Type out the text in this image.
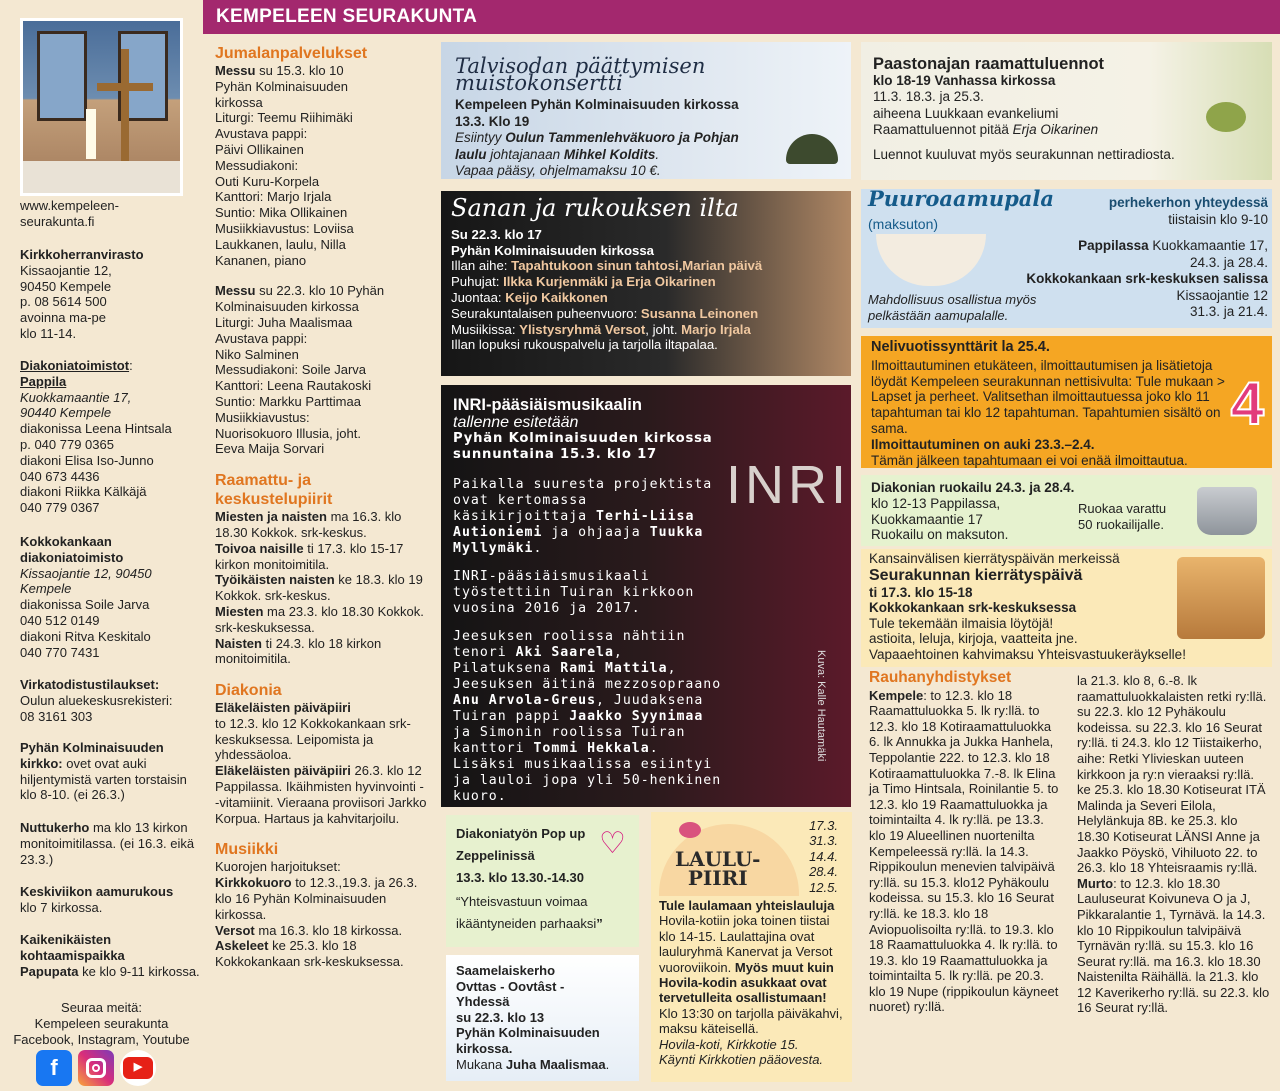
KEMPELEEN SEURAKUNTA
www.kempeleen-
seurakunta.fi
Kirkkoherranvirasto
Kissaojantie 12,
90450 Kempele
p. 08 5614 500
avoinna ma-pe
klo 11-14.
Diakoniatoimistot:
Pappila
Kuokkamaantie 17,
90440 Kempele
diakonissa Leena Hintsala
p. 040 779 0365
diakoni Elisa Iso-Junno
040 673 4436
diakoni Riikka Kälkäjä
040 779 0367
Kokkokankaan
diakoniatoimisto
Kissaojantie 12, 90450
Kempele
diakonissa Soile Jarva
040 512 0149
diakoni Ritva Keskitalo
040 770 7431
Virkatodistustilaukset:
Oulun aluekeskusrekisteri:
08 3161 303
Pyhän Kolminaisuuden
kirkko: ovet ovat auki hiljentymistä varten torstaisin klo 8-10. (ei 26.3.)
Nuttukerho ma klo 13 kirkon monitoimitilassa. (ei 16.3. eikä 23.3.)
Keskiviikon aamurukous
klo 7 kirkossa.
Kaikenikäisten
kohtaamispaikka
Papupata ke klo 9-11 kirkossa.
Seuraa meitä:
Kempeleen seurakunta
Facebook, Instagram, Youtube
f	▶
Jumalanpalvelukset

Messu su 15.3. klo 10
Pyhän Kolminaisuuden
kirkossa
Liturgi: Teemu Riihimäki
Avustava pappi:
Päivi Ollikainen
Messudiakoni:
Outi Kuru-Korpela
Kanttori: Marjo Irjala
Suntio: Mika Ollikainen
Musiikkiavustus: Loviisa
Laukkanen, laulu, Nilla
Kananen, piano

Messu su 22.3. klo 10 Pyhän
Kolminaisuuden kirkossa
Liturgi: Juha Maalismaa
Avustava pappi:
Niko Salminen
Messudiakoni: Soile Jarva
Kanttori: Leena Rautakoski
Suntio: Markku Parttimaa
Musiikkiavustus:
Nuorisokuoro Illusia, joht.
Eeva Maija Sorvari

Raamattu- ja
keskustelupiirit

Miesten ja naisten ma 16.3. klo 18.30 Kokkok. srk-keskus.

Toivoa naisille ti 17.3. klo 15-17 kirkon monitoimitila.

Työikäisten naisten ke 18.3. klo 19 Kokkok. srk-keskus.

Miesten ma 23.3. klo 18.30 Kokkok. srk-keskuksessa.

Naisten ti 24.3. klo 18 kirkon monitoimitila.

Diakonia

Eläkeläisten päiväpiiri
to 12.3. klo 12 Kokkokankaan srk-keskuksessa. Leipomista ja yhdessäoloa.

Eläkeläisten päiväpiiri 26.3. klo 12 Pappilassa. Ikäihmisten hyvinvointi - -vitamiinit. Vieraana proviisori Jarkko Korpua. Hartaus ja kahvitarjoilu.

Musiikki

Kuorojen harjoitukset:

Kirkkokuoro to 12.3.,19.3. ja 26.3. klo 16 Pyhän Kolminaisuuden kirkossa.

Versot ma 16.3. klo 18 kirkossa.

Askeleet ke 25.3. klo 18 Kokkokankaan srk-keskuksessa.

Talvisodan päättymisen muistokonsertti
Kempeleen Pyhän Kolminaisuuden kirkossa
13.3. Klo 19
Esiintyy Oulun Tammenlehväkuoro ja Pohjan laulu johtajanaan Mihkel Koldits.
Vapaa pääsy, ohjelmamaksu 10 €.
Paastonajan raamattuluennot
klo 18-19 Vanhassa kirkossa
11.3. 18.3. ja 25.3.
aiheena Luukkaan evankeliumi
Raamattuluennot pitää Erja Oikarinen
Luennot kuuluvat myös seurakunnan nettiradiosta.
Sanan ja rukouksen ilta
Su 22.3. klo 17
Pyhän Kolminaisuuden kirkossa
Illan aihe: Tapahtukoon sinun tahtosi,Marian päivä
Puhujat: Ilkka Kurjenmäki ja Erja Oikarinen
Juontaa: Keijo Kaikkonen
Seurakuntalaisen puheenvuoro: Susanna Leinonen
Musiikissa: Ylistysryhmä Versot, joht. Marjo Irjala
Illan lopuksi rukouspalvelu ja tarjolla iltapalaa.
INRI-pääsiäismusikaalin
tallenne esitetään
Pyhän Kolminaisuuden kirkossa
sunnuntaina 15.3. klo 17
INRI
Paikalla suuresta projektista ovat kertomassa käsikirjoittaja Terhi-Liisa Autioniemi ja ohjaaja Tuukka Myllymäki.
INRI-pääsiäismusikaali työstettiin Tuiran kirkkoon vuosina 2016 ja 2017.
Jeesuksen roolissa nähtiin tenori Aki Saarela, Pilatuksena Rami Mattila, Jeesuksen äitinä mezzosopraano Anu Arvola-Greus, Juudaksena Tuiran pappi Jaakko Syynimaa ja Simonin roolissa Tuiran kanttori Tommi Hekkala. Lisäksi musikaalissa esiintyi ja lauloi jopa yli 50-henkinen kuoro.
Kuva: Kalle Hautamäki
Puuroaamupala
(maksuton)
perhekerhon yhteydessä
tiistaisin klo 9-10
Pappilassa Kuokkamaantie 17,
24.3. ja 28.4.
Kokkokankaan srk-keskuksen salissa
Kissaojantie 12
31.3. ja 21.4.
Mahdollisuus osallistua myös
pelkästään aamupalalle.
Nelivuotissynttärit la 25.4.
Ilmoittautuminen etukäteen, ilmoittautumisen ja lisätietoja löydät Kempeleen seurakunnan nettisivulta: Tule mukaan > Lapset ja perheet. Valitsethan ilmoittautuessa joko klo 11 tapahtuman tai klo 12 tapahtuman. Tapahtumien sisältö on sama.
Ilmoittautuminen on auki 23.3.–2.4.
Tämän jälkeen tapahtumaan ei voi enää ilmoittautua.
4
Diakonian ruokailu 24.3. ja 28.4.
klo 12-13 Pappilassa,
Kuokkamaantie 17
Ruokailu on maksuton.
Ruokaa varattu
50 ruokailijalle.
Kansainvälisen kierrätyspäivän merkeissä
Seurakunnan kierrätyspäivä
ti 17.3. klo 15-18
Kokkokankaan srk-keskuksessa
Tule tekemään ilmaisia löytöjä!
astioita, leluja, kirjoja, vaatteita jne.
Vapaaehtoinen kahvimaksu Yhteisvastuukeräykselle!
Diakoniatyön Pop up
Zeppelinissä
13.3. klo 13.30.-14.30
“Yhteisvastuun voimaa ikääntyneiden parhaaksi”
♡
Saamelaiskerho
Ovttas - Oovtâst -
Yhdessä
su 22.3. klo 13
Pyhän Kolminaisuuden
kirkossa.
Mukana Juha Maalismaa.
LAULU-
PIIRI
17.3.
31.3.
14.4.
28.4.
12.5.
Tule laulamaan yhteislauluja Hovila-kotiin joka toinen tiistai klo 14-15. Laulattajina ovat lauluryhmä Kanervat ja Versot vuoroviikoin. Myös muut kuin Hovila-kodin asukkaat ovat tervetulleita osallistumaan!
Klo 13:30 on tarjolla päiväkahvi, maksu käteisellä.
Hovila-koti, Kirkkotie 15.
Käynti Kirkkotien pääovesta.
Rauhanyhdistykset
Kempele: to 12.3. klo 18 Raamattuluokka 5. lk ry:llä. to 12.3. klo 18 Kotiraamattuluokka 6. lk Annukka ja Jukka Hanhela, Teppolantie 222. to 12.3. klo 18 Kotiraamattuluokka 7.-8. lk Elina ja Timo Hintsala, Roinilantie 5. to 12.3. klo 19 Raamattuluokka ja toimintailta 4. lk ry:llä. pe 13.3. klo 19 Alueellinen nuortenilta Kempeleessä ry:llä. la 14.3. Rippikoulun menevien talvipäivä ry:llä. su 15.3. klo12 Pyhäkoulu kodeissa. su 15.3. klo 16 Seurat ry:llä. ke 18.3. klo 18 Aviopuolisoilta ry:llä. to 19.3. klo 18 Raamattuluokka 4. lk ry:llä. to 19.3. klo 19 Raamattuluokka ja toimintailta 5. lk ry:llä. pe 20.3. klo 19 Nupe (rippikoulun käyneet nuoret) ry:llä.
la 21.3. klo 8, 6.-8. lk raamattuluokkalaisten retki ry:llä. su 22.3. klo 12 Pyhäkoulu kodeissa. su 22.3. klo 16 Seurat ry:llä. ti 24.3. klo 12 Tiistaikerho, aihe: Retki Ylivieskan uuteen kirkkoon ja ry:n vieraaksi ry:llä. ke 25.3. klo 18.30 Kotiseurat ITÄ Malinda ja Severi Eilola, Helylänkuja 8B. ke 25.3. klo 18.30 Kotiseurat LÄNSI Anne ja Jaakko Pöyskö, Vihiluoto 22. to 26.3. klo 18 Yhteisraamis ry:llä.
Murto: to 12.3. klo 18.30 Lauluseurat Koivuneva O ja J, Pikkaralantie 1, Tyrnävä. la 14.3. klo 10 Rippikoulun talvipäivä Tyrnävän ry:llä. su 15.3. klo 16 Seurat ry:llä. ma 16.3. klo 18.30 Naistenilta Räihällä. la 21.3. klo 12 Kaverikerho ry:llä. su 22.3. klo 16 Seurat ry:llä.
